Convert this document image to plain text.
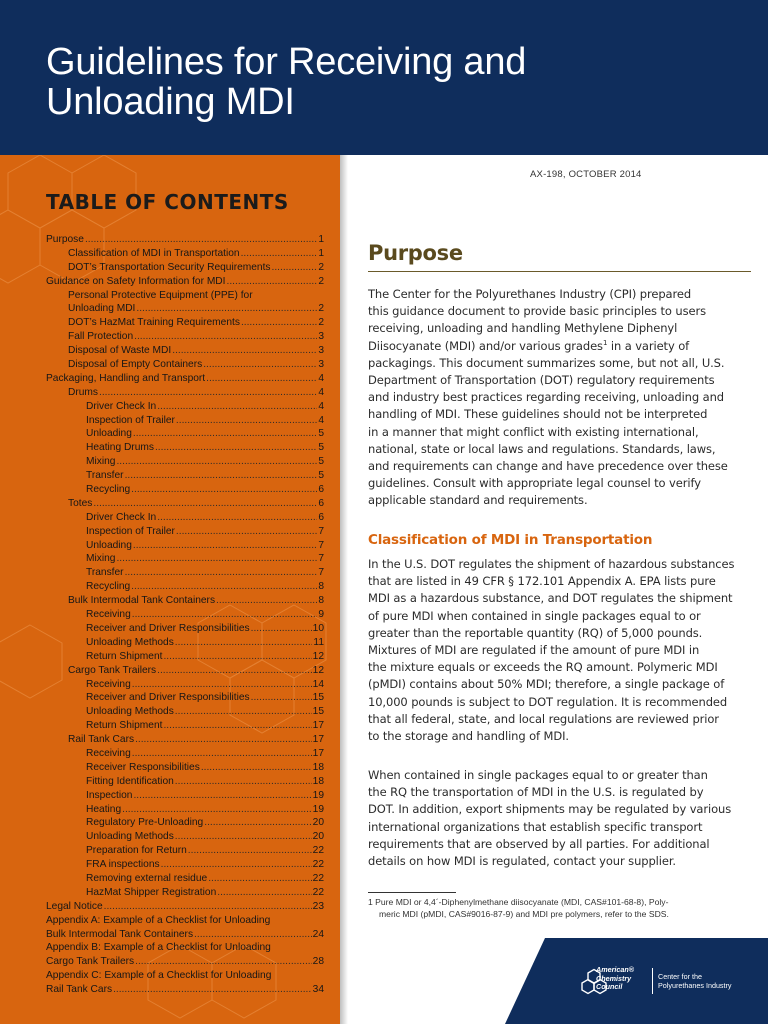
Guidelines for Receiving and Unloading MDI
TABLE OF CONTENTS
Purpose .....	1
Classification of MDI in Transportation .....	1
DOT’s Transportation Security Requirements .....	2
Guidance on Safety Information for MDI .....	2
Personal Protective Equipment (PPE) for
Unloading MDI .....	2
DOT’s HazMat Training Requirements .....	2
Fall Protection .....	3
Disposal of Waste MDI .....	3
Disposal of Empty Containers .....	3
Packaging, Handling and Transport .....	4
Drums .....	4
Driver Check In .....	4
Inspection of Trailer .....	4
Unloading .....	5
Heating Drums .....	5
Mixing .....	5
Transfer .....	5
Recycling .....	6
Totes .....	6
Driver Check In .....	6
Inspection of Trailer .....	7
Unloading .....	7
Mixing .....	7
Transfer .....	7
Recycling .....	8
Bulk Intermodal Tank Containers .....	8
Receiving .....	9
Receiver and Driver Responsibilities .....	10
Unloading Methods .....	11
Return Shipment .....	12
Cargo Tank Trailers .....	12
Receiving .....	14
Receiver and Driver Responsibilities .....	15
Unloading Methods .....	15
Return Shipment .....	17
Rail Tank Cars .....	17
Receiving .....	17
Receiver Responsibilities .....	18
Fitting Identification .....	18
Inspection .....	19
Heating .....	19
Regulatory Pre-Unloading .....	20
Unloading Methods .....	20
Preparation for Return .....	22
FRA inspections .....	22
Removing external residue .....	22
HazMat Shipper Registration .....	22
Legal Notice .....	23
Appendix A: Example of a Checklist for Unloading
Bulk Intermodal Tank Containers .....	24
Appendix B: Example of a Checklist for Unloading
Cargo Tank Trailers .....	28
Appendix C: Example of a Checklist for Unloading
Rail Tank Cars .....	34
AX-198, OCTOBER 2014
Purpose
The Center for the Polyurethanes Industry (CPI) prepared
this guidance document to provide basic principles to users
receiving, unloading and handling Methylene Diphenyl
Diisocyanate (MDI) and/or various grades$^1$ in a variety of
packagings. This document summarizes some, but not all, U.S.
Department of Transportation (DOT) regulatory requirements
and industry best practices regarding receiving, unloading and
handling of MDI. These guidelines should not be interpreted
in a manner that might conflict with existing international,
national, state or local laws and regulations. Standards, laws,
and requirements can change and have precedence over these
guidelines. Consult with appropriate legal counsel to verify
applicable standard and requirements.
Classification of MDI in Transportation
In the U.S. DOT regulates the shipment of hazardous substances
that are listed in 49 CFR § 172.101 Appendix A. EPA lists pure
MDI as a hazardous substance, and DOT regulates the shipment
of pure MDI when contained in single packages equal to or
greater than the reportable quantity (RQ) of 5,000 pounds.
Mixtures of MDI are regulated if the amount of pure MDI in
the mixture equals or exceeds the RQ amount. Polymeric MDI
(pMDI) contains about 50% MDI; therefore, a single package of
10,000 pounds is subject to DOT regulation. It is recommended
that all federal, state, and local regulations are reviewed prior
to the storage and handling of MDI.
When contained in single packages equal to or greater than
the RQ the transportation of MDI in the U.S. is regulated by
DOT. In addition, export shipments may be regulated by various
international organizations that establish specific transport
requirements that are observed by all parties. For additional
details on how MDI is regulated, contact your supplier.
1 Pure MDI or 4,4´-Diphenylmethane diisocyanate (MDI, CAS#101-68-8), Poly-
meric MDI (pMDI, CAS#9016-87-9) and MDI pre polymers, refer to the SDS.
American®
Chemistry
Council
Center for the
Polyurethanes Industry
